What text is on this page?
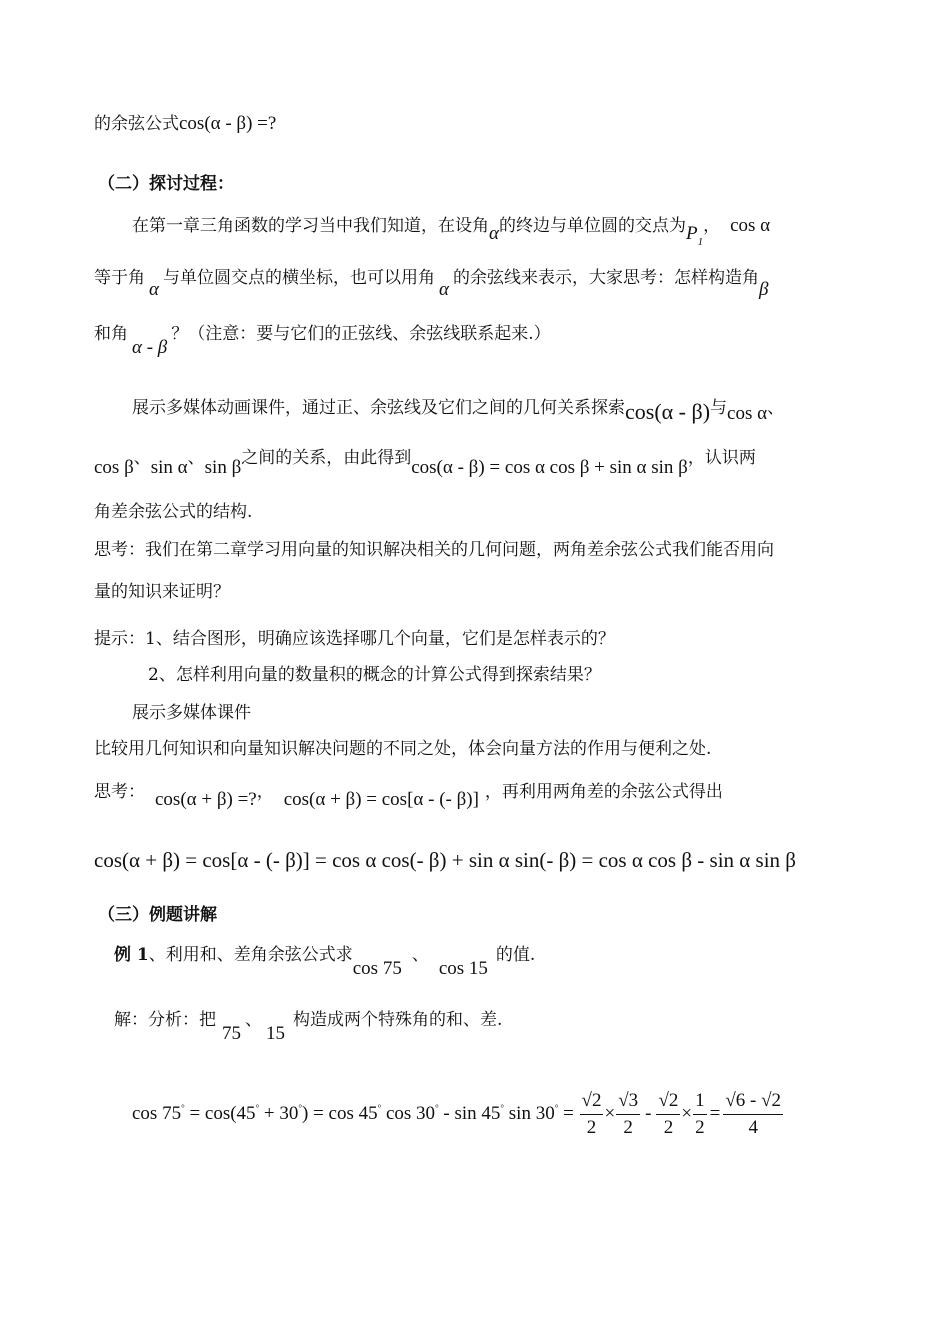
的余弦公式cos(α - β) =?
（二）探讨过程：
在第一章三角函数的学习当中我们知道，在设角α的终边与单位圆的交点为$P_1$， cos α
等于角α与单位圆交点的横坐标，也可以用角α的余弦线来表示，大家思考：怎样构造角β
和角α - β？（注意：要与它们的正弦线、余弦线联系起来.）
展示多媒体动画课件，通过正、余弦线及它们之间的几何关系探索cos(α - β)与cos α、
cos β、sin α、sin β之间的关系，由此得到cos(α - β) = cos α cos β + sin α sin β，认识两
角差余弦公式的结构.
思考：我们在第二章学习用向量的知识解决相关的几何问题，两角差余弦公式我们能否用向
量的知识来证明？
提示：1、结合图形，明确应该选择哪几个向量，它们是怎样表示的？
2、怎样利用向量的数量积的概念的计算公式得到探索结果？
展示多媒体课件
比较用几何知识和向量知识解决问题的不同之处，体会向量方法的作用与便利之处.
思考： cos(α + β) =?， cos(α + β) = cos[α - (- β)] ，再利用两角差的余弦公式得出
cos(α + β) = cos[α - (- β)] = cos α cos(- β) + sin α sin(- β) = cos α cos β - sin α sin β
（三）例题讲解
例 1、利用和、差角余弦公式求cos 75、cos 15的值.
解：分析：把75、15构造成两个特殊角的和、差.
cos 75° = cos(45° + 30°) = cos 45° cos 30° - sin 45° $\sin 30^\circ = \frac{√2}{2} \times \frac{√3}{2} - \frac{√2}{2} \times \frac{1}{2} = \frac{√6 - √2}{4}$
